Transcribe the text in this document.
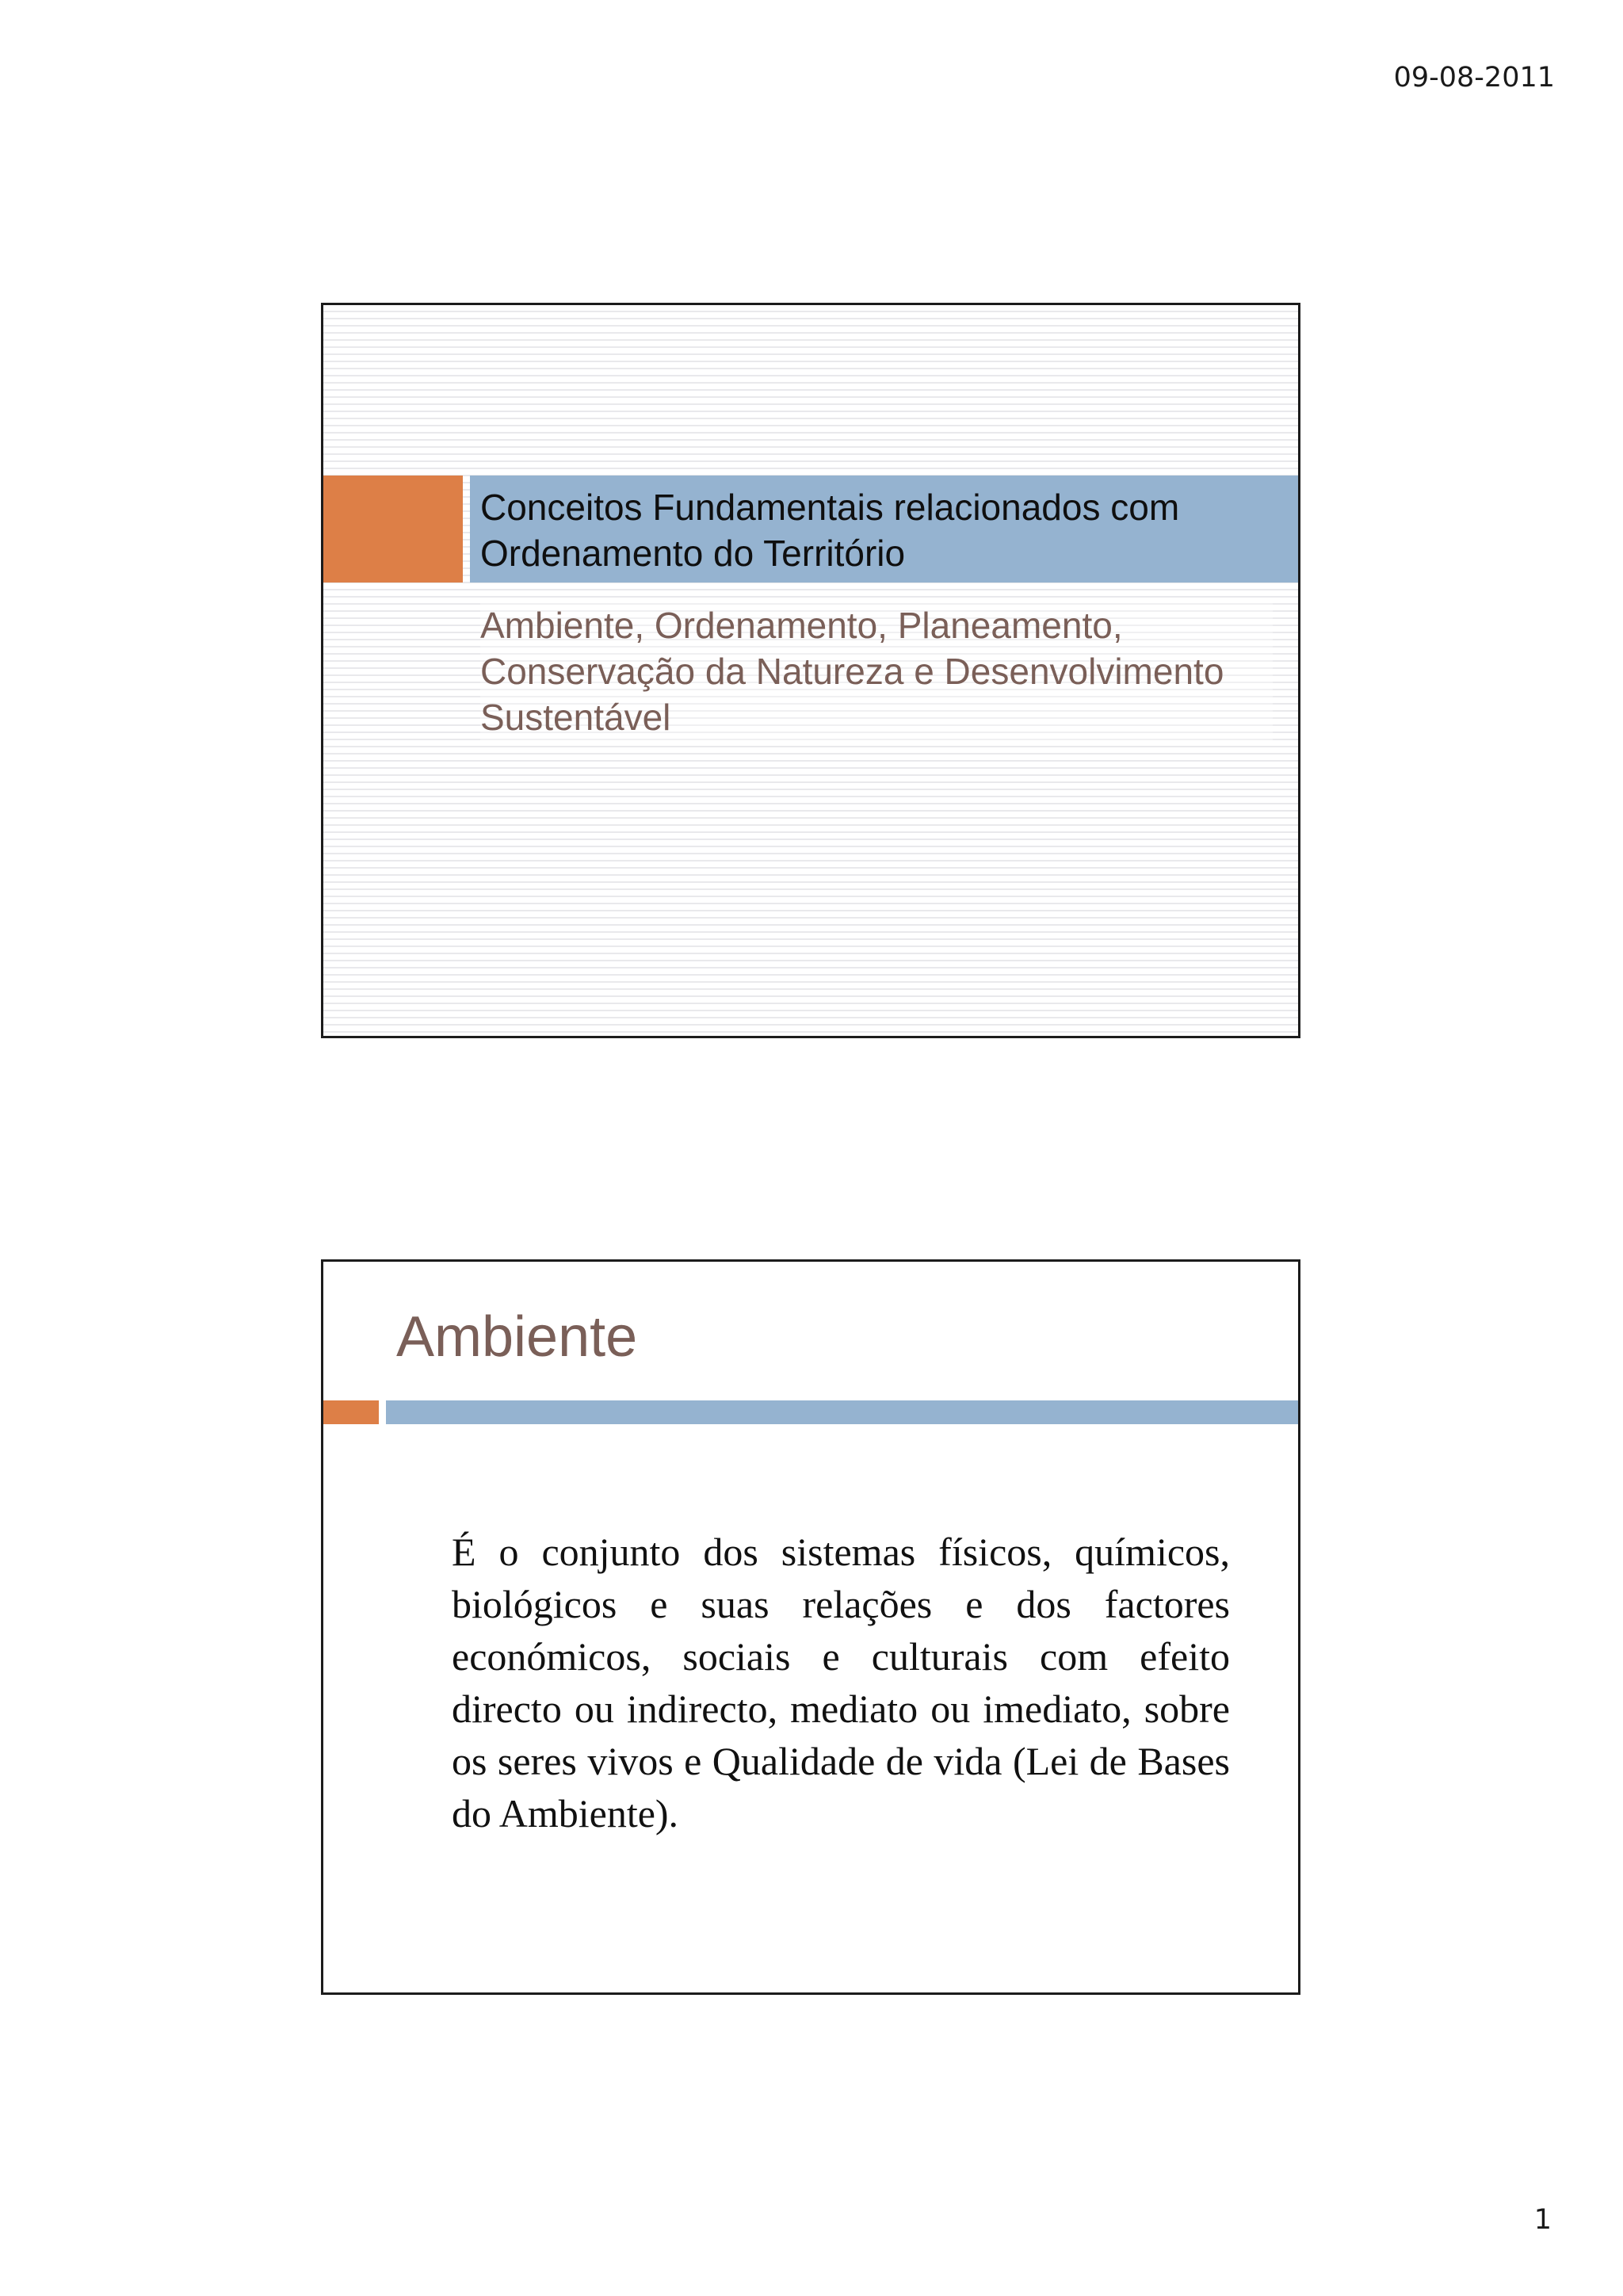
09-08-2011
Conceitos Fundamentais relacionados com Ordenamento do Território
Ambiente, Ordenamento, Planeamento, Conservação da Natureza e Desenvolvimento Sustentável
Ambiente
É o conjunto dos sistemas físicos, químicos, biológicos e suas relações e dos factores económicos, sociais e culturais com efeito directo ou indirecto, mediato ou imediato, sobre os seres vivos e Qualidade de vida (Lei de Bases do Ambiente).
1
